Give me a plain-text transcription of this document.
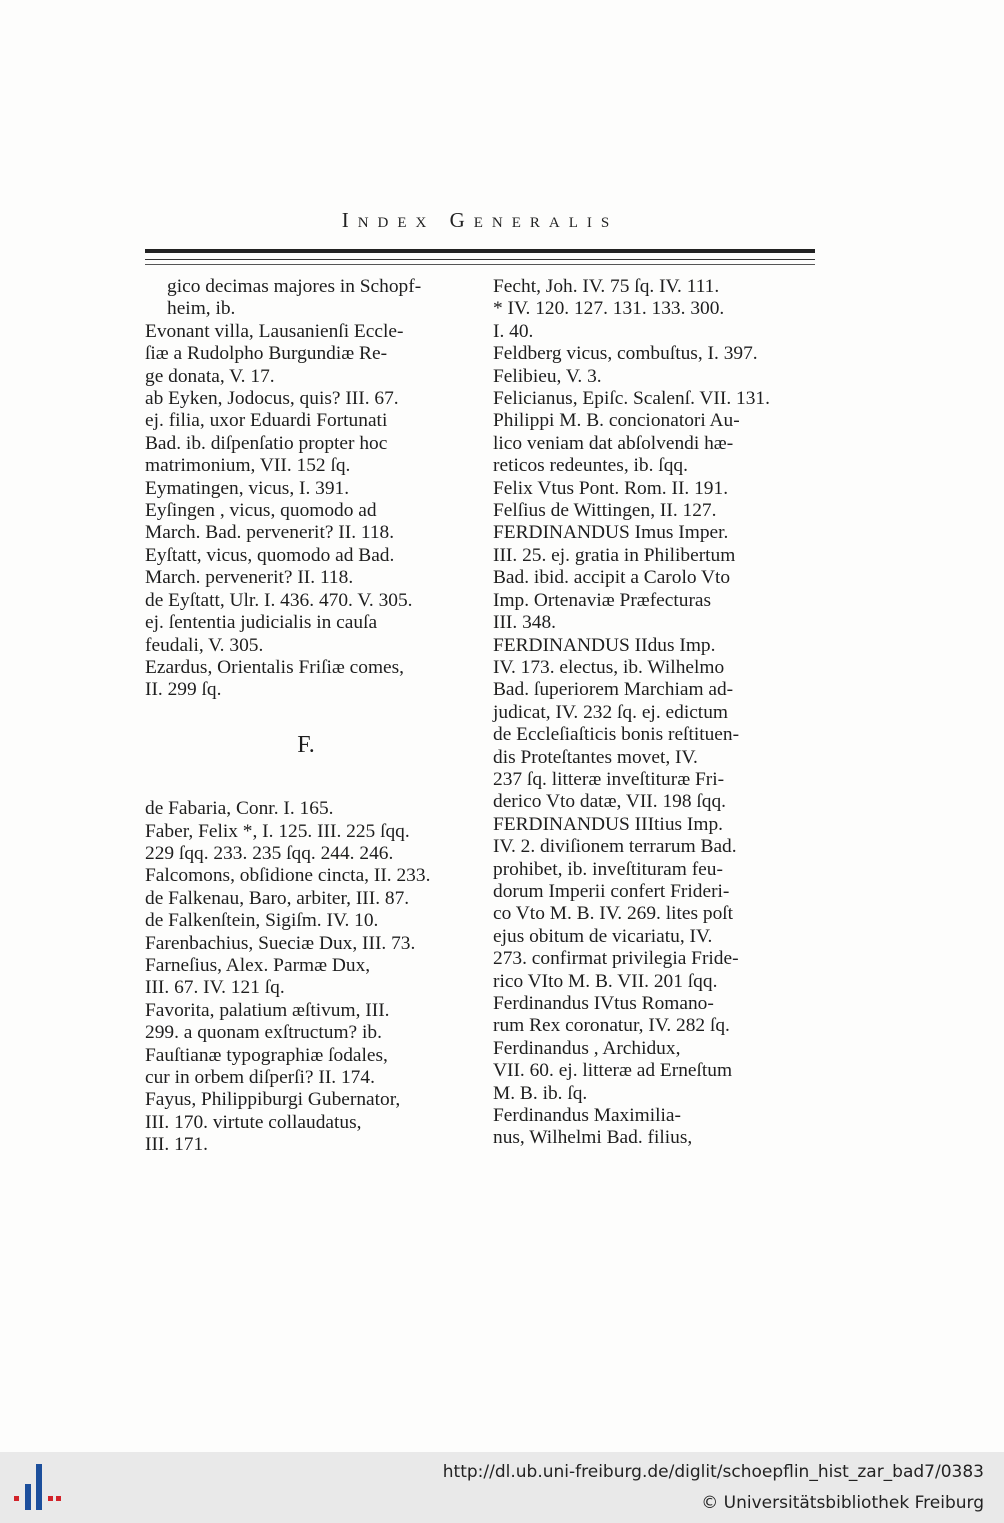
Index Generalis
gico decimas majores in Schopf-
heim, ib.
Evonant villa, Lausanienſi Eccle-
ſiæ a Rudolpho Burgundiæ Re-
ge donata, V. 17.
ab Eyken, Jodocus, quis? III. 67.
ej. filia, uxor Eduardi Fortunati
Bad. ib. diſpenſatio propter hoc
matrimonium, VII. 152 ſq.
Eymatingen, vicus, I. 391.
Eyſingen , vicus, quomodo ad
March. Bad. pervenerit? II. 118.
Eyſtatt, vicus, quomodo ad Bad.
March. pervenerit? II. 118.
de Eyſtatt, Ulr. I. 436. 470. V. 305.
ej. ſententia judicialis in cauſa
feudali, V. 305.
Ezardus, Orientalis Friſiæ comes,
II. 299 ſq.
F.
de Fabaria, Conr. I. 165.
Faber, Felix *, I. 125. III. 225 ſqq.
229 ſqq. 233. 235 ſqq. 244. 246.
Falcomons, obſidione cincta, II. 233.
de Falkenau, Baro, arbiter, III. 87.
de Falkenſtein, Sigiſm. IV. 10.
Farenbachius, Sueciæ Dux, III. 73.
Farneſius, Alex. Parmæ Dux,
III. 67. IV. 121 ſq.
Favorita, palatium æſtivum, III.
299. a quonam exſtructum? ib.
Fauſtianæ typographiæ ſodales,
cur in orbem diſperſi? II. 174.
Fayus, Philippiburgi Gubernator,
III. 170. virtute collaudatus,
III. 171.
Fecht, Joh. IV. 75 ſq. IV. 111.
* IV. 120. 127. 131. 133. 300.
I. 40.
Feldberg vicus, combuſtus, I. 397.
Felibieu, V. 3.
Felicianus, Epiſc. Scalenſ. VII. 131.
Philippi M. B. concionatori Au-
lico veniam dat abſolvendi hæ-
reticos redeuntes, ib. ſqq.
Felix Vtus Pont. Rom. II. 191.
Felſius de Wittingen, II. 127.
FERDINANDUS Imus Imper.
III. 25. ej. gratia in Philibertum
Bad. ibid. accipit a Carolo Vto
Imp. Ortenaviæ Præfecturas
III. 348.
FERDINANDUS IIdus Imp.
IV. 173. electus, ib. Wilhelmo
Bad. ſuperiorem Marchiam ad-
judicat, IV. 232 ſq. ej. edictum
de Eccleſiaſticis bonis reſtituen-
dis Proteſtantes movet, IV.
237 ſq. litteræ inveſtituræ Fri-
derico Vto datæ, VII. 198 ſqq.
FERDINANDUS IIItius Imp.
IV. 2. diviſionem terrarum Bad.
prohibet, ib. inveſtituram feu-
dorum Imperii confert Frideri-
co Vto M. B. IV. 269. lites poſt
ejus obitum de vicariatu, IV.
273. confirmat privilegia Fride-
rico VIto M. B. VII. 201 ſqq.
Ferdinandus IVtus Romano-
rum Rex coronatur, IV. 282 ſq.
Ferdinandus , Archidux,
VII. 60. ej. litteræ ad Erneſtum
M. B. ib. ſq.
Ferdinandus Maximilia-
nus, Wilhelmi Bad. filius,
http://dl.ub.uni-freiburg.de/diglit/schoepflin_hist_zar_bad7/0383
© Universitätsbibliothek Freiburg
